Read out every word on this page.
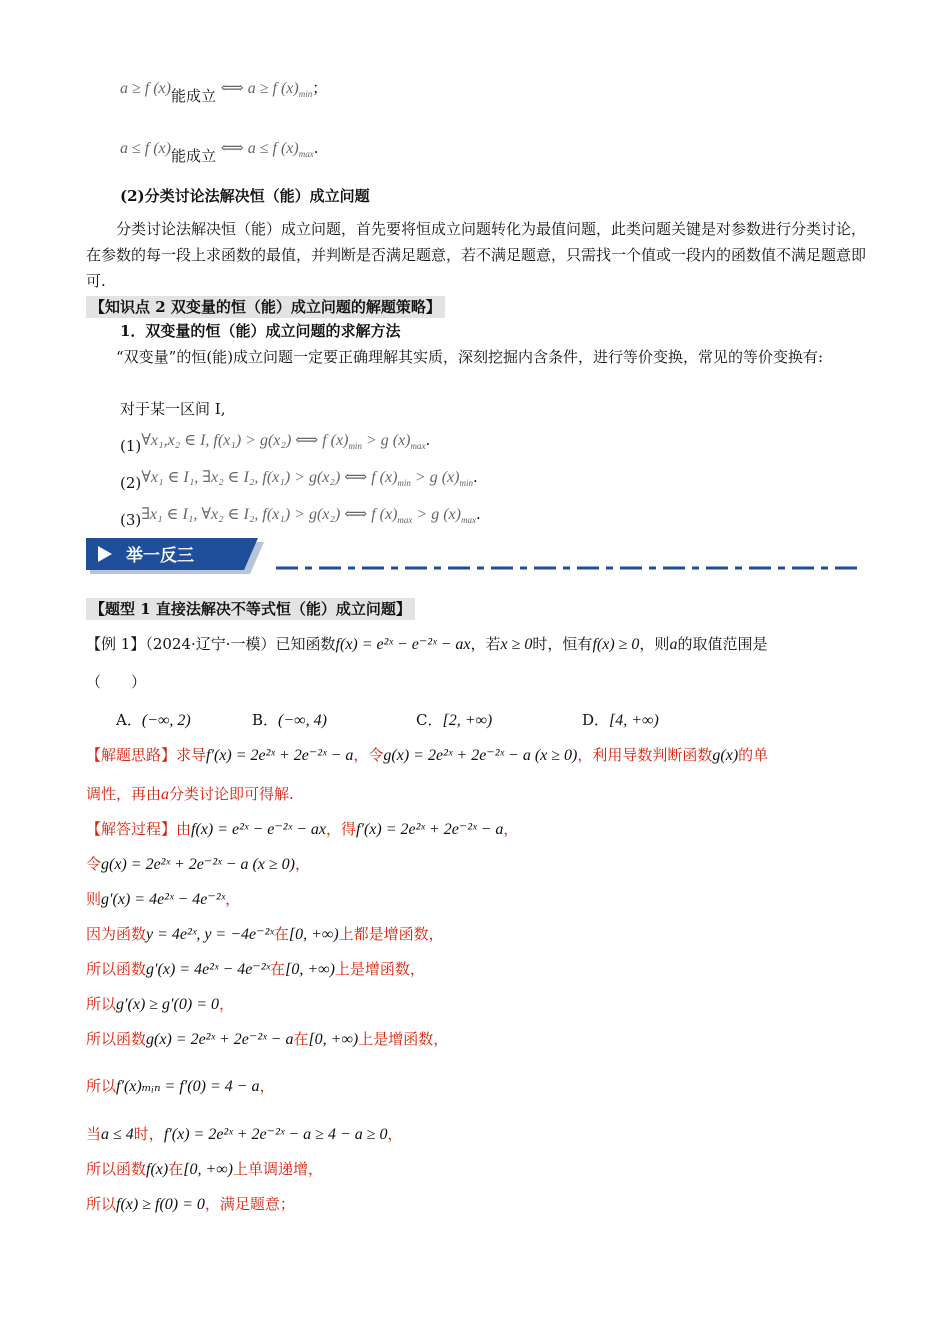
a ≥ f (x)能成立 ⟺ a ≥ f $(x)_{min}$；
a ≤ f (x)能成立 ⟺ a ≤ f $(x)_{max}$.
(2)分类讨论法解决恒（能）成立问题
分类讨论法解决恒（能）成立问题，首先要将恒成立问题转化为最值问题，此类问题关键是对参数进行分类讨论，在参数的每一段上求函数的最值，并判断是否满足题意，若不满足题意，只需找一个值或一段内的函数值不满足题意即可.
【知识点 2 双变量的恒（能）成立问题的解题策略】
1．双变量的恒（能）成立问题的求解方法
“双变量”的恒(能)成立问题一定要正确理解其实质，深刻挖掘内含条件，进行等价变换，常见的等价变换有:
对于某一区间 I,
(1)∀x₁,x₂ ∈ I, f(x₁) > g(x₂) ⟺ f $(x)_{min} > g$ $(x)_{max}$.
(2)∀x₁ ∈ I₁, ∃x₂ ∈ I₂, f(x₁) > g(x₂) ⟺ f $(x)_{min} > g$ $(x)_{min}$.
(3)∃x₁ ∈ I₁, ∀x₂ ∈ I₂, f(x₁) > g(x₂) ⟺ f $(x)_{max} > g$ $(x)_{max}$.
举一反三
【题型 1 直接法解决不等式恒（能）成立问题】
【例 1】（2024·辽宁·一模）已知函数f(x) = e²ˣ − e⁻²ˣ − ax，若x ≥ 0时，恒有f(x) ≥ 0，则a的取值范围是
（　　）
A．(−∞, 2)	B．(−∞, 4)	C．[2, +∞)	D．[4, +∞)
【解题思路】求导f′(x) = 2e²ˣ + 2e⁻²ˣ − a，令g(x) = 2e²ˣ + 2e⁻²ˣ − a (x ≥ 0)，利用导数判断函数g(x)的单
调性，再由a分类讨论即可得解.
【解答过程】由f(x) = e²ˣ − e⁻²ˣ − ax，得f′(x) = 2e²ˣ + 2e⁻²ˣ − a，
令g(x) = 2e²ˣ + 2e⁻²ˣ − a (x ≥ 0)，
则g′(x) = 4e²ˣ − 4e⁻²ˣ，
因为函数y = 4e²ˣ, y = −4e⁻²ˣ在[0, +∞)上都是增函数，
所以函数g′(x) = 4e²ˣ − 4e⁻²ˣ在[0, +∞)上是增函数，
所以g′(x) ≥ g′(0) = 0，
所以函数g(x) = 2e²ˣ + 2e⁻²ˣ − a在[0, +∞)上是增函数，
所以f′(x)ₘᵢₙ = f′(0) = 4 − a，
当a ≤ 4时，f′(x) = 2e²ˣ + 2e⁻²ˣ − a ≥ 4 − a ≥ 0，
所以函数f(x)在[0, +∞)上单调递增，
所以f(x) ≥ f(0) = 0，满足题意；
